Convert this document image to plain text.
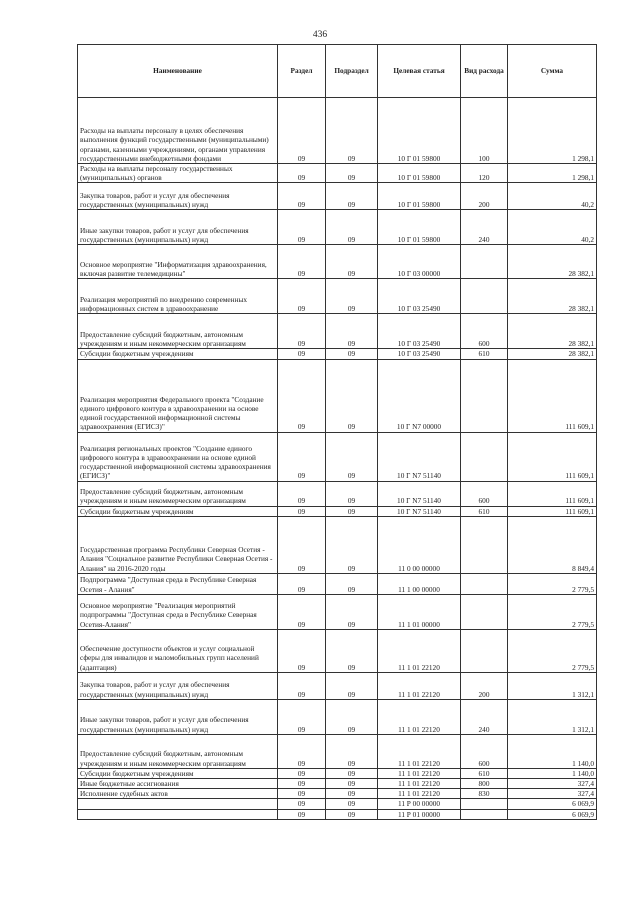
436
Наименование	Раздел	Подраздел	Целевая статья	Вид расхода	Сумма
Расходы на выплаты персоналу в целях обеспечения выполнения функций государственными (муниципальными) органами, казенными учреждениями, органами управления государственными внебюджетными фондами	09	09	10 Г 01 59800	100	1 298,1
Расходы на выплаты персоналу государственных (муниципальных) органов	09	09	10 Г 01 59800	120	1 298,1
Закупка товаров, работ и услуг для обеспечения государственных (муниципальных) нужд	09	09	10 Г 01 59800	200	40,2
Иные закупки товаров, работ и услуг для обеспечения государственных (муниципальных) нужд	09	09	10 Г 01 59800	240	40,2
Основное мероприятие "Информатизация здравоохранения, включая развитие телемедицины"	09	09	10 Г 03 00000		28 382,1
Реализация мероприятий по внедрению современных информационных систем в здравоохранение	09	09	10 Г 03 25490		28 382,1
Предоставление субсидий бюджетным, автономным учреждениям и иным некоммерческим организациям	09	09	10 Г 03 25490	600	28 382,1
Субсидии бюджетным учреждениям	09	09	10 Г 03 25490	610	28 382,1
Реализация мероприятия Федерального проекта "Создание единого цифрового контура в здравоохранении на основе единой государственной информационной системы здравоохранения (ЕГИСЗ)"	09	09	10 Г N7 00000		111 609,1
Реализация региональных проектов "Создание единого цифрового контура в здравоохранении на основе единой государственной информационной системы здравоохранения (ЕГИСЗ)"	09	09	10 Г N7 51140		111 609,1
Предоставление субсидий бюджетным, автономным учреждениям и иным некоммерческим организациям	09	09	10 Г N7 51140	600	111 609,1
Субсидии бюджетным учреждениям	09	09	10 Г N7 51140	610	111 609,1
Государственная программа Республики Северная Осетия - Алания "Социальное развитие Республики Северная Осетия - Алания" на 2016-2020 годы	09	09	11 0 00 00000		8 849,4
Подпрограмма "Доступная среда в Республике Северная Осетия - Алания"	09	09	11 1 00 00000		2 779,5
Основное мероприятие "Реализация мероприятий подпрограммы "Доступная среда в Республике Северная Осетия-Алания"	09	09	11 1 01 00000		2 779,5
Обеспечение доступности объектов и услуг социальной сферы для инвалидов и маломобильных групп населений (адаптация)	09	09	11 1 01 22120		2 779,5
Закупка товаров, работ и услуг для обеспечения государственных (муниципальных) нужд	09	09	11 1 01 22120	200	1 312,1
Иные закупки товаров, работ и услуг для обеспечения государственных (муниципальных) нужд	09	09	11 1 01 22120	240	1 312,1
Предоставление субсидий бюджетным, автономным учреждениям и иным некоммерческим организациям	09	09	11 1 01 22120	600	1 140,0
Субсидии бюджетным учреждениям	09	09	11 1 01 22120	610	1 140,0
Иные бюджетные ассигнования	09	09	11 1 01 22120	800	327,4
Исполнение судебных актов	09	09	11 1 01 22120	830	327,4
	09	09	11 Р 00 00000		6 069,9
	09	09	11 Р 01 00000		6 069,9
